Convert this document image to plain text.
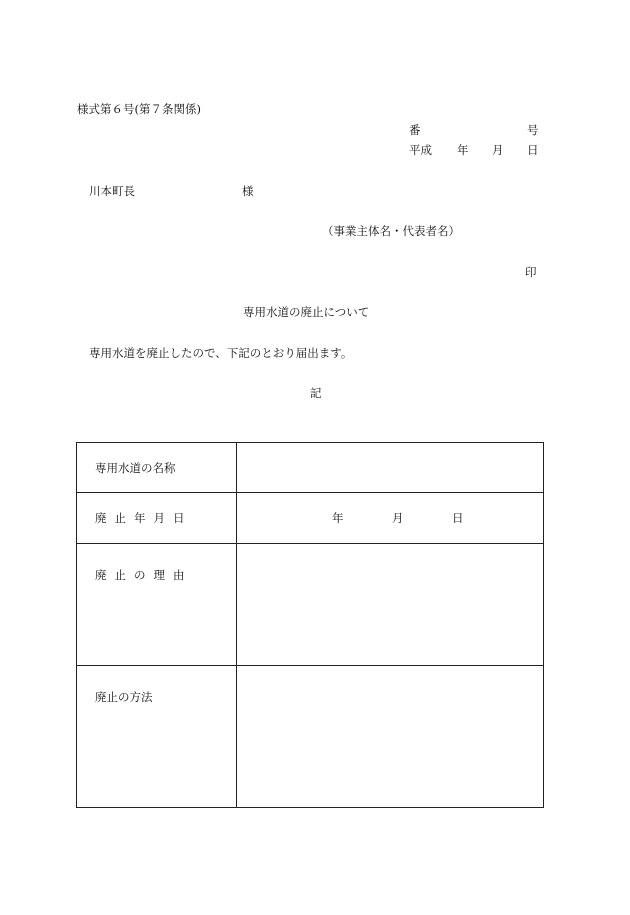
様式第６号(第７条関係)
番	号
平成 年 月 日
川本町長	様
（事業主体名・代表者名）
印
専用水道の廃止について
専用水道を廃止したので、下記のとおり届出ます。
記
専用水道の名称	
廃止年月日	年 月 日

廃止の理由	
廃止の方法	
